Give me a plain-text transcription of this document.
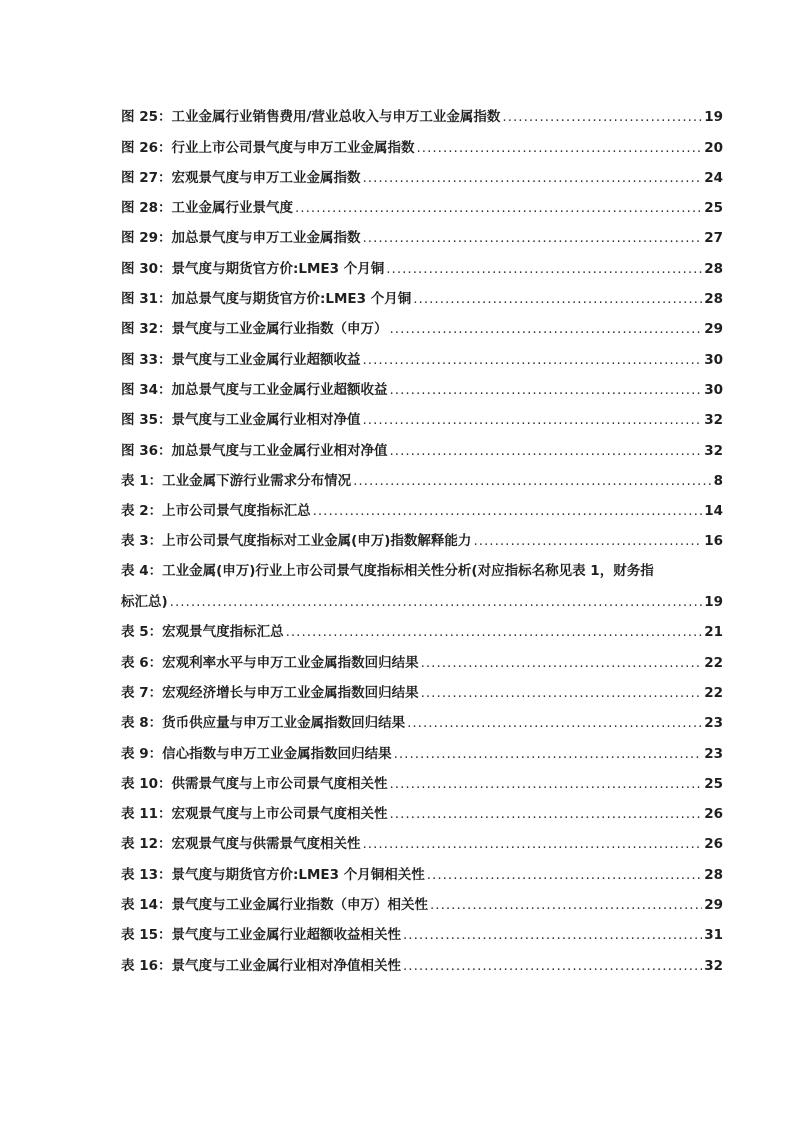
图 25：工业金属行业销售费用/营业总收入与申万工业金属指数 .....	19
图 26：行业上市公司景气度与申万工业金属指数 .....	20
图 27：宏观景气度与申万工业金属指数 .....	24
图 28：工业金属行业景气度 .....	25
图 29：加总景气度与申万工业金属指数 .....	27
图 30：景气度与期货官方价:LME3 个月铜 .....	28
图 31：加总景气度与期货官方价:LME3 个月铜 .....	28
图 32：景气度与工业金属行业指数（申万） .....	29
图 33：景气度与工业金属行业超额收益 .....	30
图 34：加总景气度与工业金属行业超额收益 .....	30
图 35：景气度与工业金属行业相对净值 .....	32
图 36：加总景气度与工业金属行业相对净值 .....	32
表 1：工业金属下游行业需求分布情况 .....	8
表 2：上市公司景气度指标汇总 .....	14
表 3：上市公司景气度指标对工业金属(申万)指数解释能力 .....	16
表 4：工业金属(申万)行业上市公司景气度指标相关性分析(对应指标名称见表 1，财务指
标汇总) .....	19
表 5：宏观景气度指标汇总 .....	21
表 6：宏观利率水平与申万工业金属指数回归结果 .....	22
表 7：宏观经济增长与申万工业金属指数回归结果 .....	22
表 8：货币供应量与申万工业金属指数回归结果 .....	23
表 9：信心指数与申万工业金属指数回归结果 .....	23
表 10：供需景气度与上市公司景气度相关性 .....	25
表 11：宏观景气度与上市公司景气度相关性 .....	26
表 12：宏观景气度与供需景气度相关性 .....	26
表 13：景气度与期货官方价:LME3 个月铜相关性 .....	28
表 14：景气度与工业金属行业指数（申万）相关性 .....	29
表 15：景气度与工业金属行业超额收益相关性 .....	31
表 16：景气度与工业金属行业相对净值相关性 .....	32
